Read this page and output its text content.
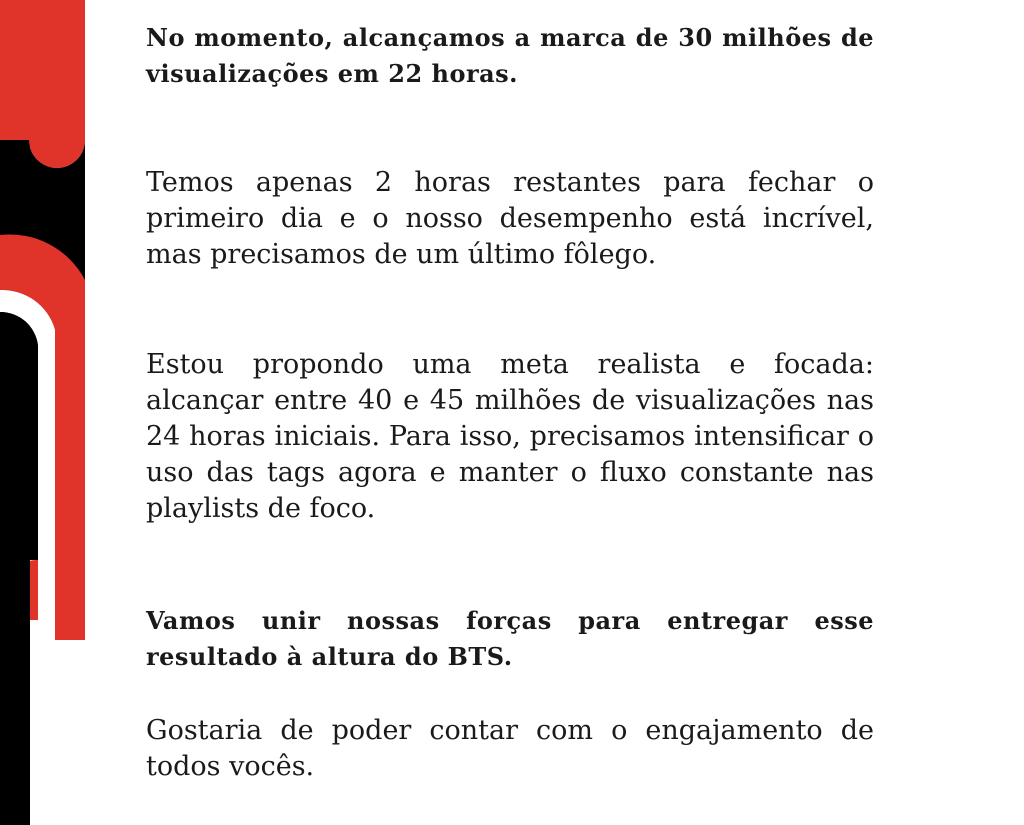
No momento, alcançamos a marca de 30 milhões de visualizações em 22 horas.

Temos apenas 2 horas restantes para fechar o primeiro dia e o nosso desempenho está incrível, mas precisamos de um último fôlego.

Estou propondo uma meta realista e focada: alcançar entre 40 e 45 milhões de visualizações nas 24 horas iniciais. Para isso, precisamos intensificar o uso das tags agora e manter o fluxo constante nas playlists de foco.

Vamos unir nossas forças para entregar esse resultado à altura do BTS.

Gostaria de poder contar com o engajamento de todos vocês.
